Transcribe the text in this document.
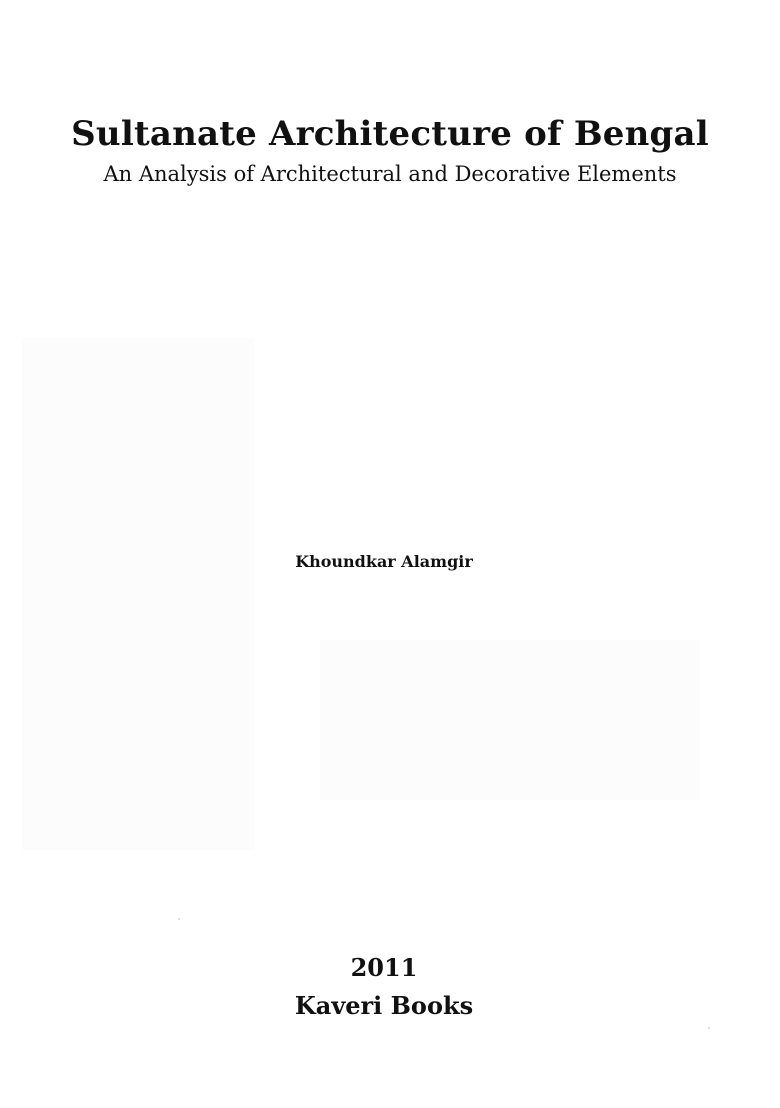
Sultanate Architecture of Bengal
An Analysis of Architectural and Decorative Elements
Khoundkar Alamgir
2011
Kaveri Books
